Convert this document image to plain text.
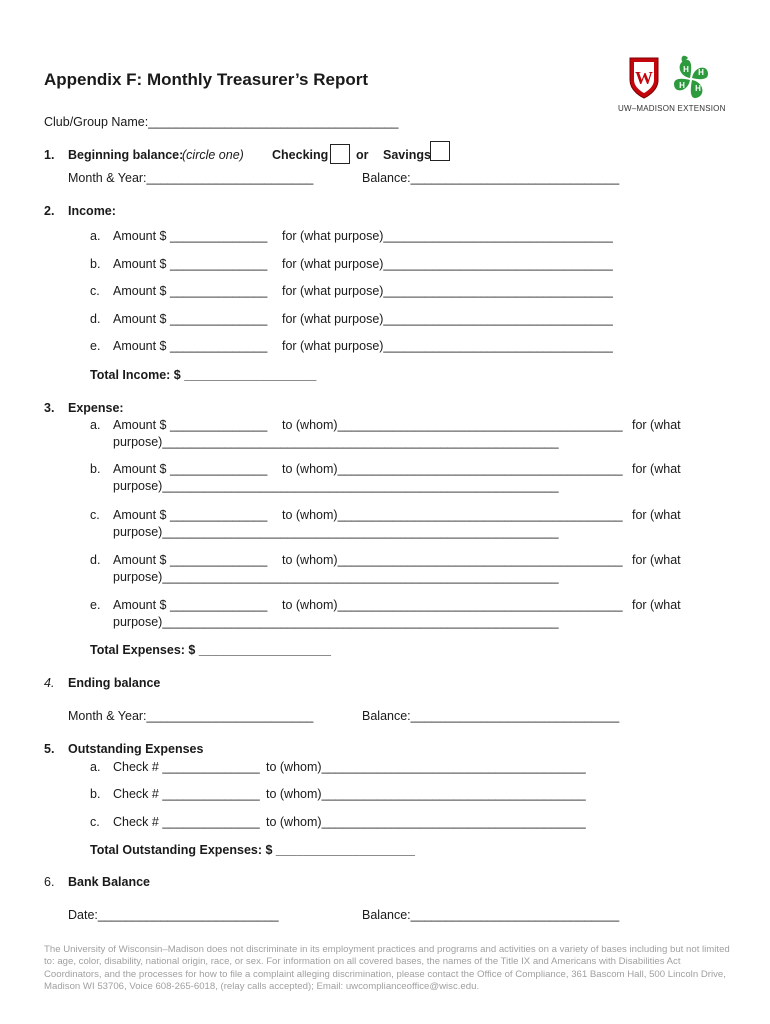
Appendix F: Monthly Treasurer’s Report	W	H H
H
H
UW–MADISON EXTENSION
Club/Group Name:____________________________________
1. Beginning balance:
(circle one) Checking or Savings
Month & Year:________________________	Balance:______________________________
2. Income:
a. Amount $ ______________ for (what purpose)_________________________________
b. Amount $ ______________ for (what purpose)_________________________________
c. Amount $ ______________ for (what purpose)_________________________________
d. Amount $ ______________ for (what purpose)_________________________________
e. Amount $ ______________ for (what purpose)_________________________________
Total Income: $ ___________________
3. Expense:
a. Amount $ ______________ to (whom)_________________________________________ for (what
purpose)_________________________________________________________
b. Amount $ ______________ to (whom)_________________________________________ for (what
purpose)_________________________________________________________
c. Amount $ ______________ to (whom)_________________________________________ for (what
purpose)_________________________________________________________
d. Amount $ ______________ to (whom)_________________________________________ for (what
purpose)_________________________________________________________
e. Amount $ ______________ to (whom)_________________________________________ for (what
purpose)_________________________________________________________
Total Expenses: $ ___________________
4. Ending balance
Month & Year:________________________	Balance:______________________________
5. Outstanding Expenses
a. Check # ______________ to (whom)______________________________________
b. Check # ______________ to (whom)______________________________________
c. Check # ______________ to (whom)______________________________________
Total Outstanding Expenses: $ ____________________
6. Bank Balance
Date:__________________________	Balance:______________________________
The University of Wisconsin–Madison does not discriminate in its employment practices and programs and activities on a variety of bases including but not limited to: age, color, disability, national origin, race, or sex. For information on all covered bases, the names of the Title IX and Americans with Disabilities Act Coordinators, and the processes for how to file a complaint alleging discrimination, please contact the Office of Compliance, 361 Bascom Hall, 500 Lincoln Drive, Madison WI 53706, Voice 608-265-6018, (relay calls accepted); Email: uwcomplianceoffice@wisc.edu.
